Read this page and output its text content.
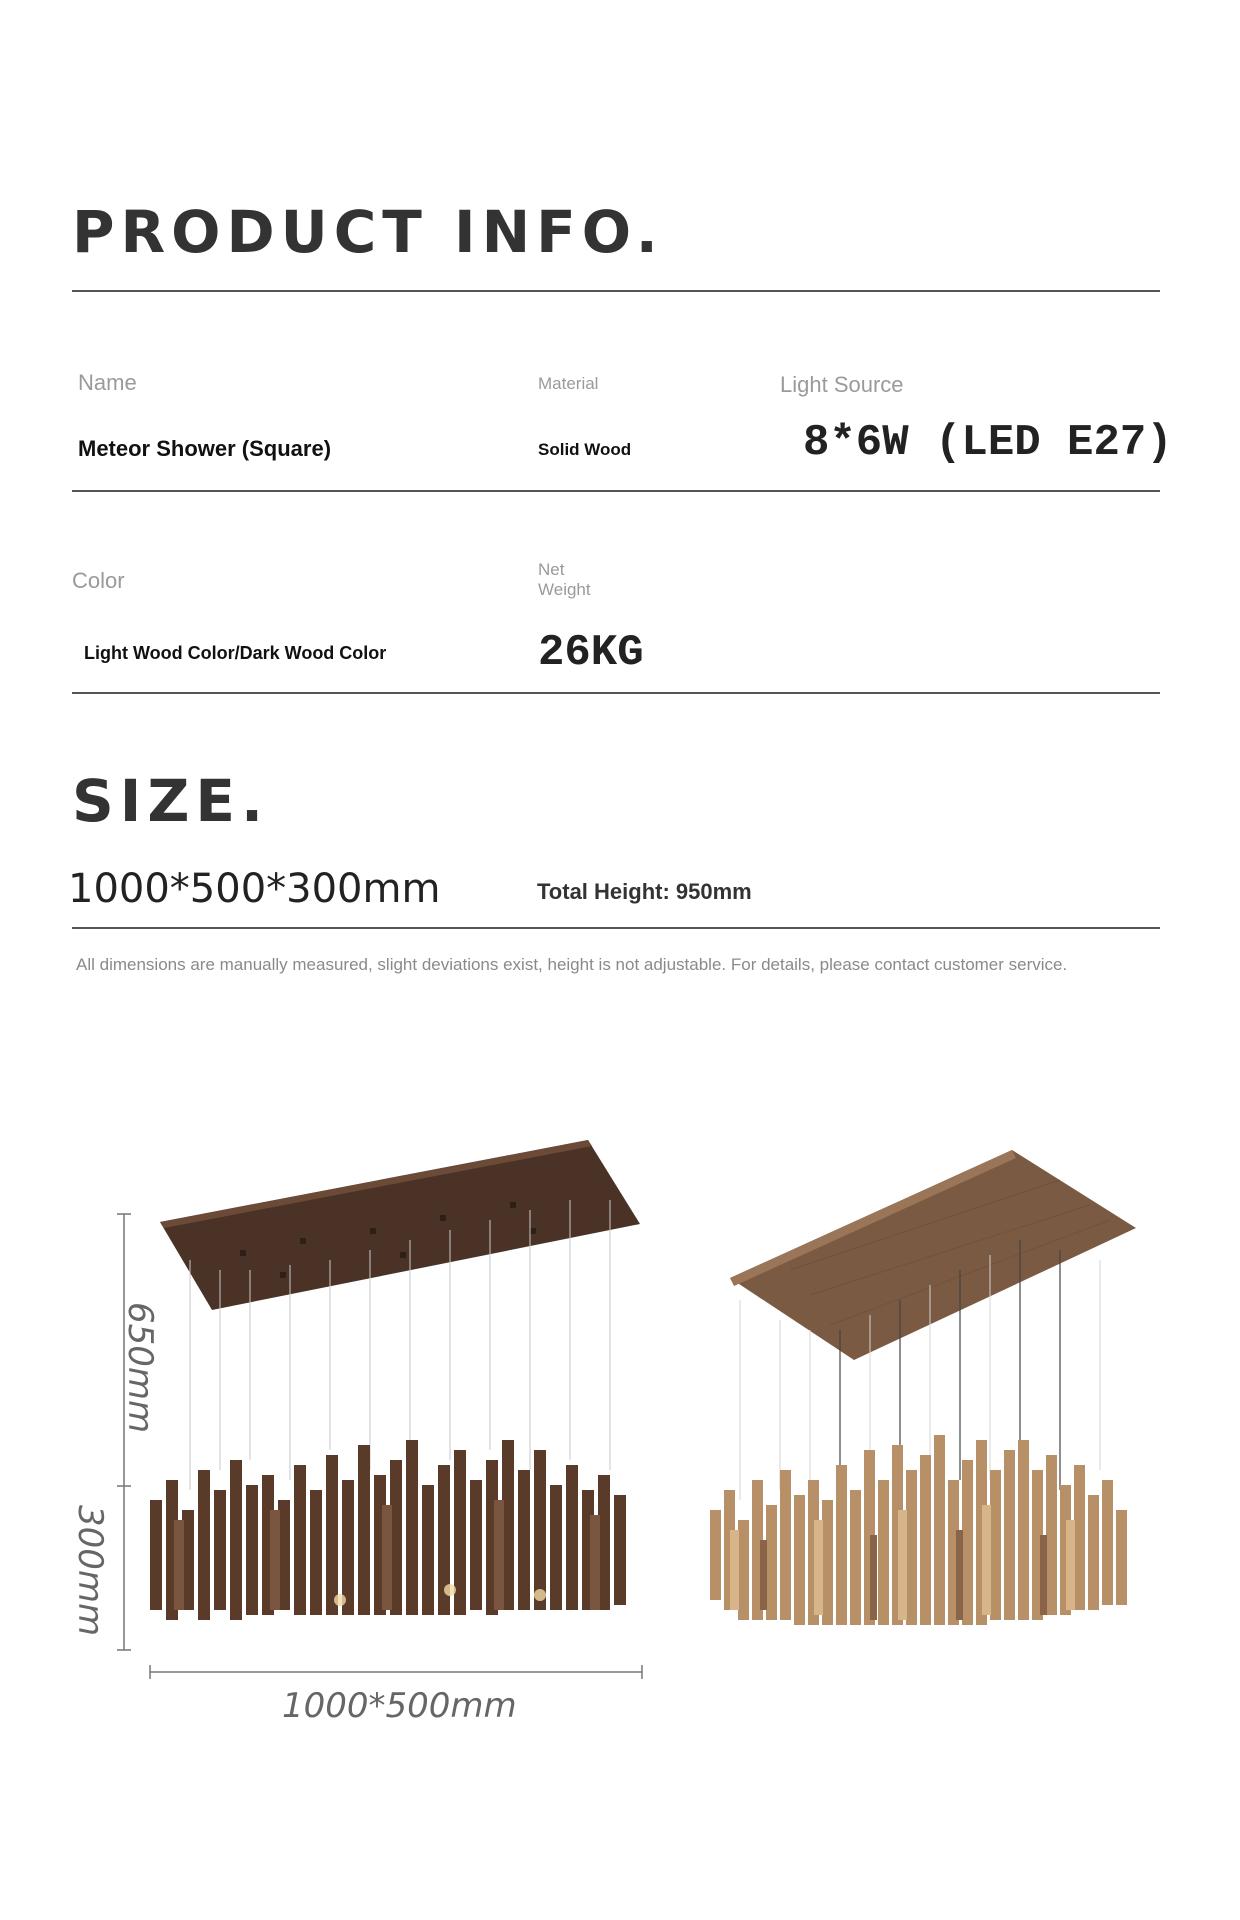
PRODUCT INFO.
Name
Meteor Shower (Square)
Material
Solid Wood
Light Source
8*6W (LED E27)
Color
Light Wood Color/Dark Wood Color
Net Weight
26KG
SIZE.
1000*500*300mm	Total Height: 950mm
All dimensions are manually measured, slight deviations exist, height is not adjustable. For details, please contact customer service.
650mm
300mm
1000*500mm
